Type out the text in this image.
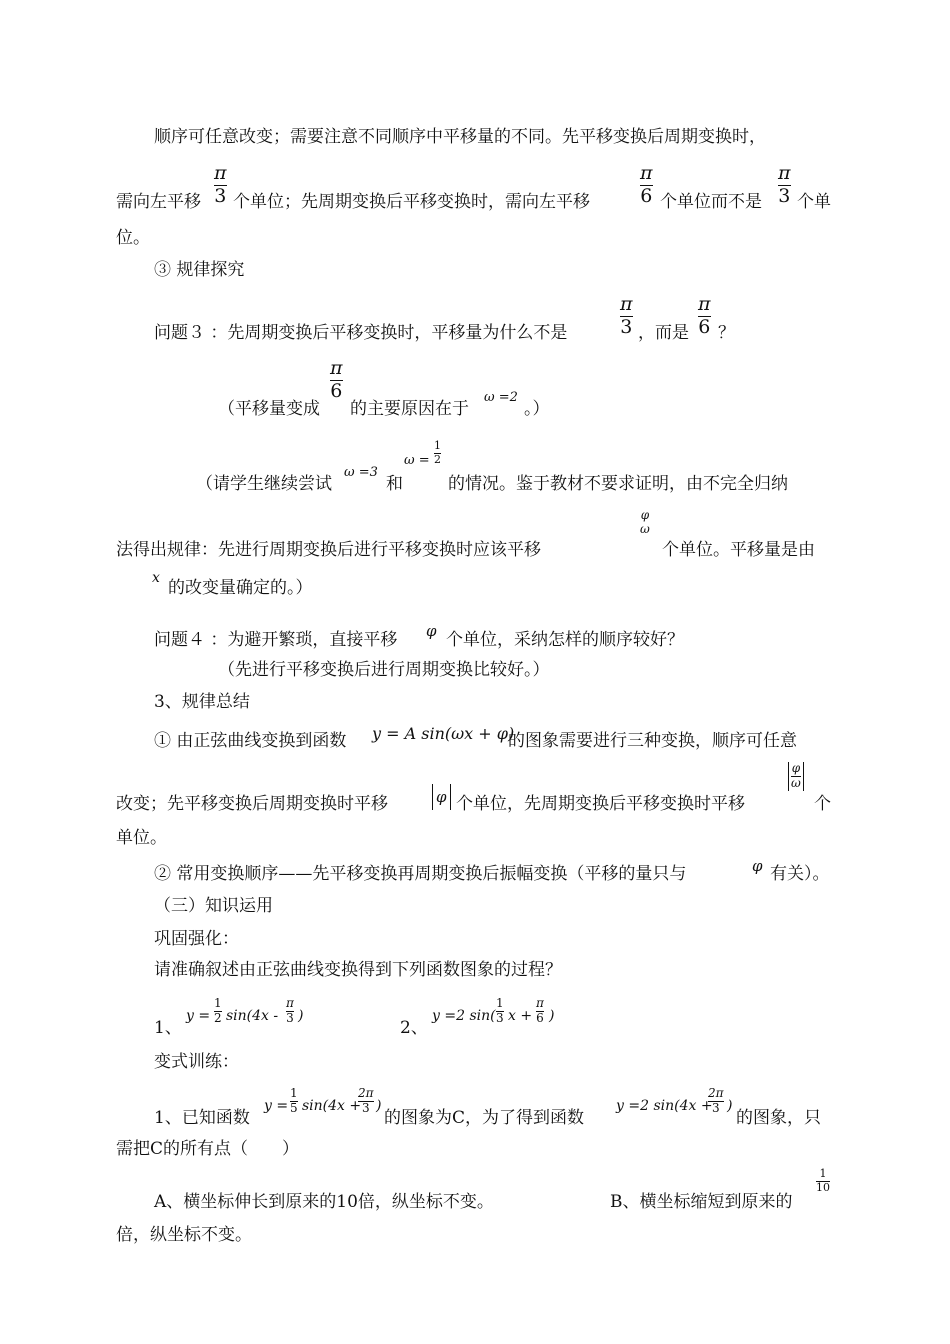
顺序可任意改变；需要注意不同顺序中平移量的不同。先平移变换后周期变换时，
需向左平移 $\frac{\pi}{3}$ 个单位；先周期变换后平移变换时，需向左平移	$\frac{\pi}{6}$ 个单位而不是 $\frac{\pi}{3}$ 个单
位。
③ 规律探究
问题３ ：先周期变换后平移变换时，平移量为什么不是	$\frac{\pi}{3}$ ，而是 $\frac{\pi}{6}$ ？
（平移量变成
$\frac{\pi}{6}$
的主要原因在于
ω =2
。）
（请学生继续尝试
ω =3
和
$\omega = \frac{1}{2}$
的情况。鉴于教材不要求证明，由不完全归纳
法得出规律：先进行周期变换后进行平移变换时应该平移
φ
ω
个单位。平移量是由
x 的改变量确定的。）
问题４ ：为避开繁琐，直接平移 φ 个单位，采纳怎样的顺序较好？
（先进行平移变换后进行周期变换比较好。）
3、规律总结
① 由正弦曲线变换到函数 y = A sin(ωx + φ)
的图象需要进行三种变换，顺序可任意
改变；先平移变换后周期变换时平移	φ 个单位，先周期变换后平移变换时平移
$\frac{\varphi}{\omega}$
个
单位。
② 常用变换顺序——先平移变换再周期变换后振幅变换（平移的量只与	φ 有关）。
（三）知识运用
巩固强化：
请准确叙述由正弦曲线变换得到下列函数图象的过程？
1、
$y = \frac{1}{2} \sin(4x - \frac{\pi}{3}$ )
2、
y =2 $\sin( \frac{1}{3}$ $x + \frac{\pi}{6}$ )
变式训练：
1、已知函数
$y = \frac{1}{5} \sin(4x$ +
$\frac{2\pi}{3}$ )
的图象为C，为了得到函数
y =2 sin(4x +
$\frac{2\pi}{3}$ )
的图象，只
需把C的所有点（　　）
A、横坐标伸长到原来的10倍，纵坐标不变。	B、横坐标缩短到原来的
$\frac{1}{10}$
倍，纵坐标不变。
